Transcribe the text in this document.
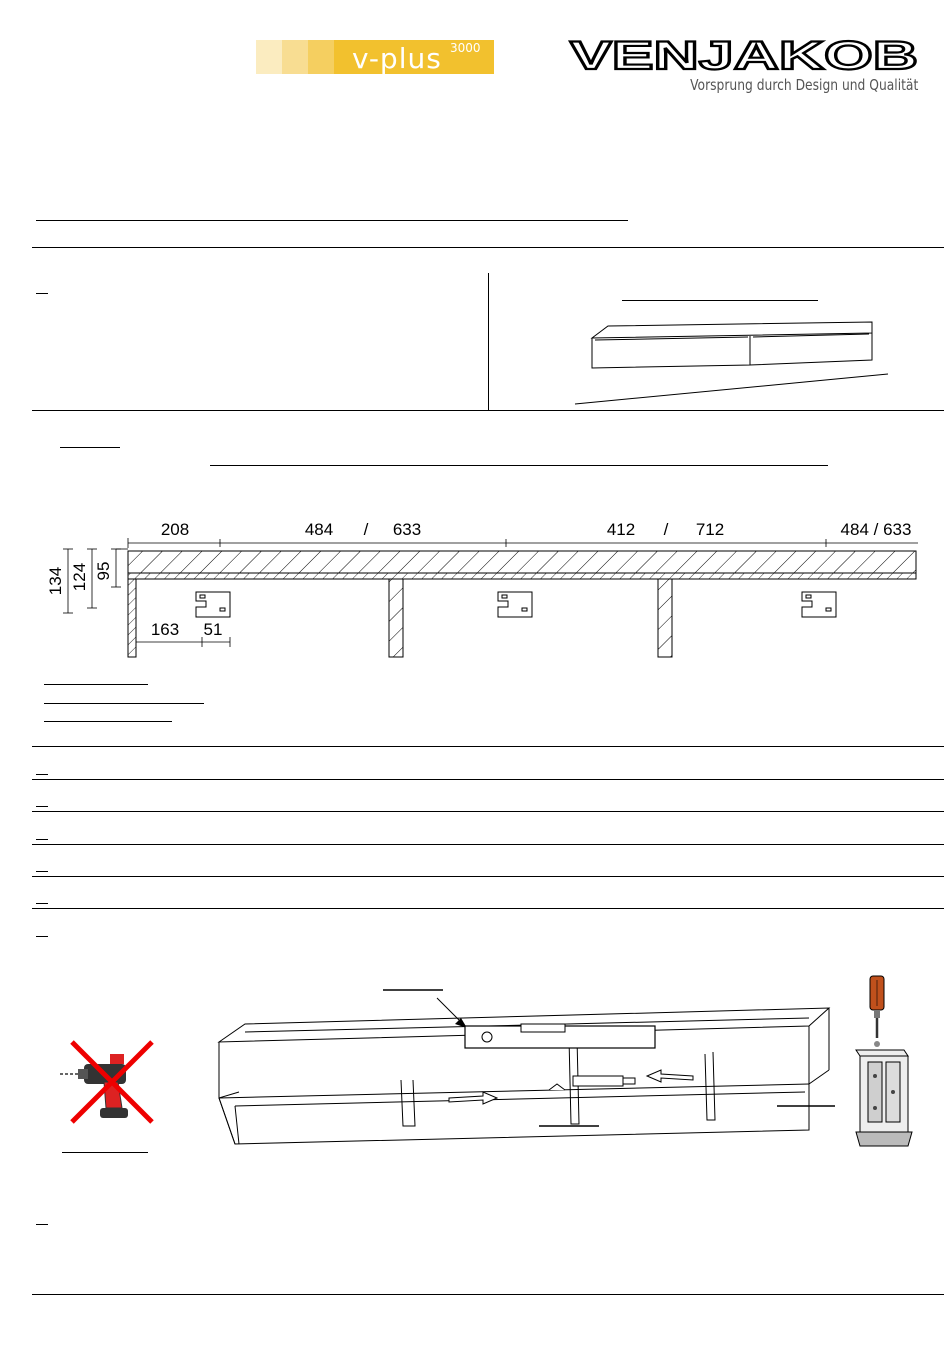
v-plus 3000 VENJAKOB
Vorsprung durch Design und Qualität
208	484 / 633	412 / 712	484 / 633
134 124 95
163 51
